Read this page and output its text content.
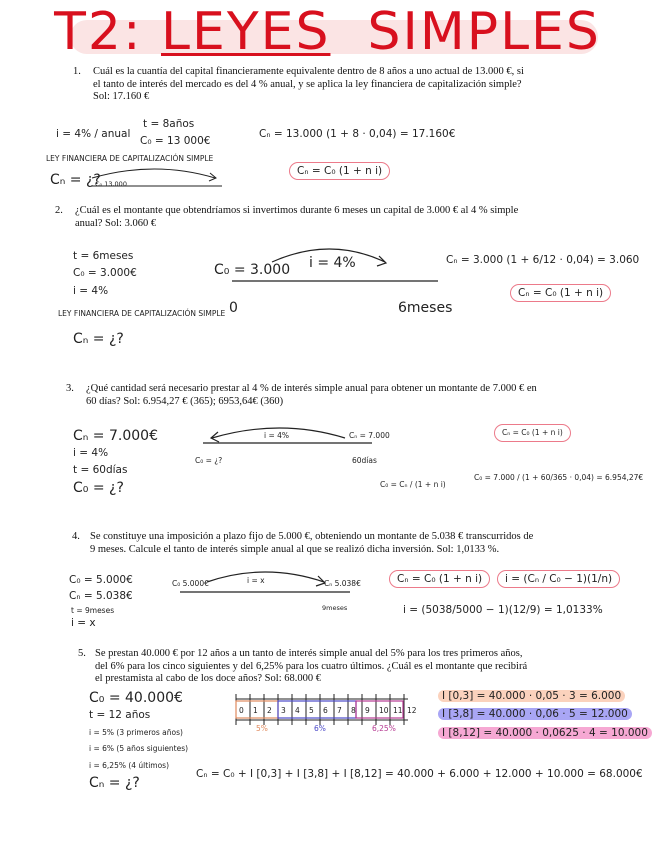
T2: LEYES SIMPLES
1.	Cuál es la cuantía del capital financieramente equivalente dentro de 8 años a uno actual de 13.000 €, si el tanto de interés del mercado es del 4 % anual, y se aplica la ley financiera de capitalización simple? Sol: 17.160 €
i = 4% / anual
t = 8años
C₀ = 13 000€
LEY FINANCIERA DE CAPITALIZACIÓN SIMPLE
Cₙ = ¿?
C₀ 13.000
Cₙ = 13.000 (1 + 8 · 0,04) = 17.160€
Cₙ = C₀ (1 + n i)
2.	¿Cuál es el montante que obtendríamos si invertimos durante 6 meses un capital de 3.000 € al 4 % simple anual? Sol: 3.060 €
t = 6meses
C₀ = 3.000€
i = 4%
LEY FINANCIERA DE CAPITALIZACIÓN SIMPLE
Cₙ = ¿?
C₀ = 3.000 i = 4%
0	6meses
Cₙ = 3.000 (1 + 6/12 · 0,04) = 3.060
Cₙ = C₀ (1 + n i)
3.	¿Qué cantidad será necesario prestar al 4 % de interés simple anual para obtener un montante de 7.000 € en 60 días? Sol: 6.954,27 € (365); 6953,64€ (360)
Cₙ = 7.000€
i = 4%
t = 60días
C₀ = ¿?
i = 4%	Cₙ = 7.000
C₀ = ¿?	60días
Cₙ = C₀ (1 + n i)
C₀ = Cₙ / (1 + n i)
C₀ = 7.000 / (1 + 60/365 · 0,04) = 6.954,27€
4. Se constituye una imposición a plazo fijo de 5.000 €, obteniendo un montante de 5.038 € transcurridos de 9 meses. Calcule el tanto de interés simple anual al que se realizó dicha inversión. Sol: 1,0133 %.
C₀ = 5.000€
Cₙ = 5.038€
t = 9meses
i = x
C₀ 5.000€	i = x	Cₙ 5.038€
9meses
Cₙ = C₀ (1 + n i)	i = (Cₙ / C₀ − 1)(1/n)
i = (5038/5000 − 1)(12/9) = 1,0133%
5. Se prestan 40.000 € por 12 años a un tanto de interés simple anual del 5% para los tres primeros años, del 6% para los cinco siguientes y del 6,25% para los cuatro últimos. ¿Cuál es el montante que recibirá el prestamista al cabo de los doce años? Sol: 68.000 €
C₀ = 40.000€
t = 12 años
i = 5% (3 primeros años)
i = 6% (5 años siguientes)
i = 6,25% (4 últimos)
Cₙ = ¿?
5%	6%	6,25%
I [0,3] = 40.000 · 0,05 · 3 = 6.000
I [3,8] = 40.000 · 0,06 · 5 = 12.000
I [8,12] = 40.000 · 0,0625 · 4 = 10.000
Cₙ = C₀ + I [0,3] + I [3,8] + I [8,12] = 40.000 + 6.000 + 12.000 + 10.000 = 68.000€
0 1 2 3 4 5 6 7 8 9 10 11 12
